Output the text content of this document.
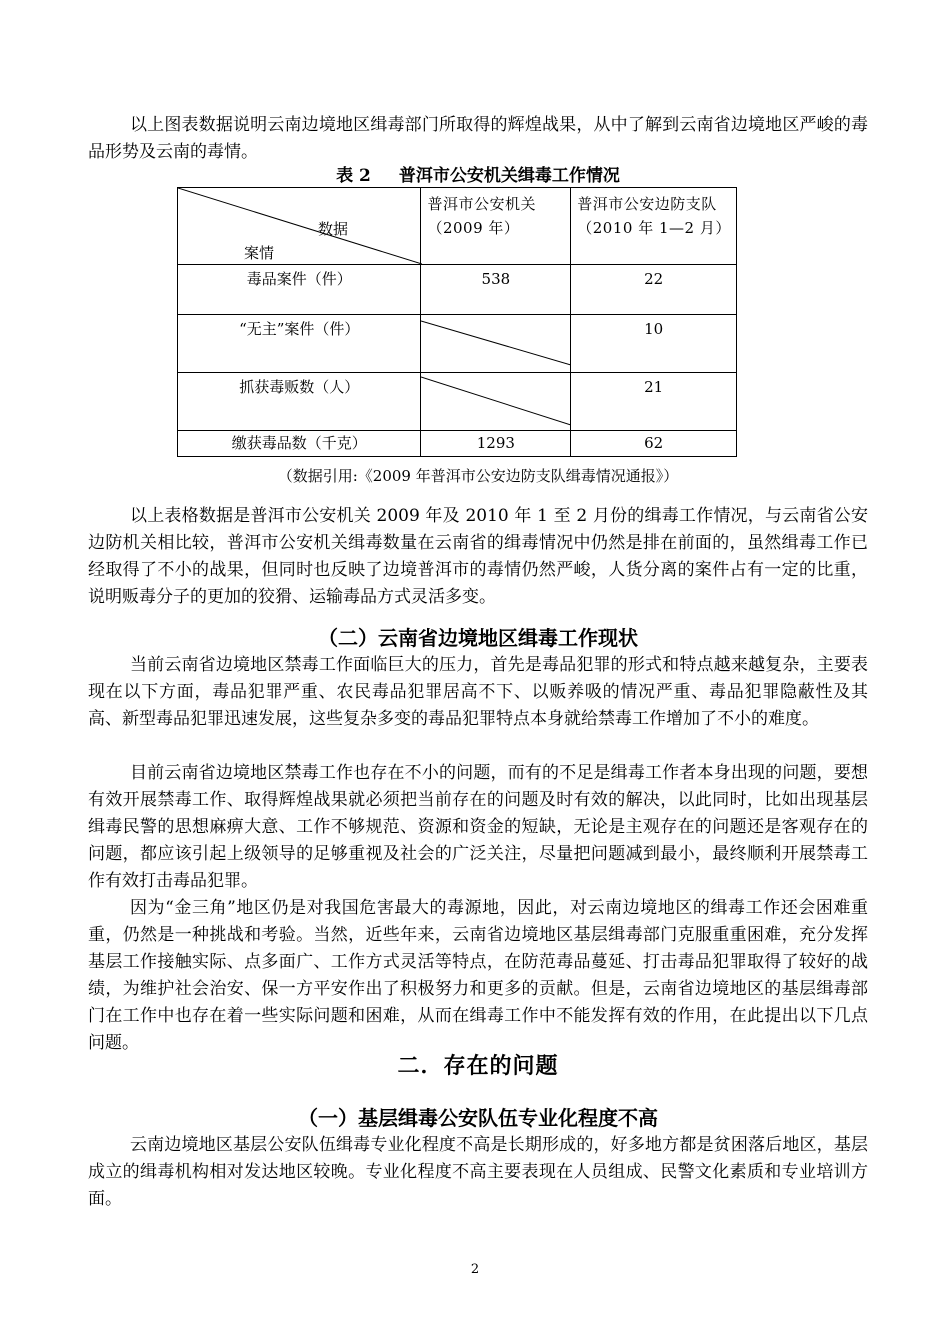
以上图表数据说明云南边境地区缉毒部门所取得的辉煌战果，从中了解到云南省边境地区严峻的毒品形势及云南的毒情。

表 2 普洱市公安机关缉毒工作情况

数据
案情	普洱市公安机关（2009 年）	普洱市公安边防支队（2010 年 1—2 月）

毒品案件（件）	538	22

“无主”案件（件）		10

抓获毒贩数（人）		21

缴获毒品数（千克）	1293	62

（数据引用:《2009 年普洱市公安边防支队缉毒情况通报》）

以上表格数据是普洱市公安机关 2009 年及 2010 年 1 至 2 月份的缉毒工作情况，与云南省公安边防机关相比较，普洱市公安机关缉毒数量在云南省的缉毒情况中仍然是排在前面的，虽然缉毒工作已经取得了不小的战果，但同时也反映了边境普洱市的毒情仍然严峻，人货分离的案件占有一定的比重，说明贩毒分子的更加的狡猾、运输毒品方式灵活多变。

（二）云南省边境地区缉毒工作现状

当前云南省边境地区禁毒工作面临巨大的压力，首先是毒品犯罪的形式和特点越来越复杂，主要表现在以下方面，毒品犯罪严重、农民毒品犯罪居高不下、以贩养吸的情况严重、毒品犯罪隐蔽性及其高、新型毒品犯罪迅速发展，这些复杂多变的毒品犯罪特点本身就给禁毒工作增加了不小的难度。

目前云南省边境地区禁毒工作也存在不小的问题，而有的不足是缉毒工作者本身出现的问题，要想有效开展禁毒工作、取得辉煌战果就必须把当前存在的问题及时有效的解决，以此同时，比如出现基层缉毒民警的思想麻痹大意、工作不够规范、资源和资金的短缺，无论是主观存在的问题还是客观存在的问题，都应该引起上级领导的足够重视及社会的广泛关注，尽量把问题减到最小，最终顺利开展禁毒工作有效打击毒品犯罪。

因为“金三角”地区仍是对我国危害最大的毒源地，因此，对云南边境地区的缉毒工作还会困难重重，仍然是一种挑战和考验。当然，近些年来，云南省边境地区基层缉毒部门克服重重困难，充分发挥基层工作接触实际、点多面广、工作方式灵活等特点，在防范毒品蔓延、打击毒品犯罪取得了较好的战绩，为维护社会治安、保一方平安作出了积极努力和更多的贡献。但是，云南省边境地区的基层缉毒部门在工作中也存在着一些实际问题和困难，从而在缉毒工作中不能发挥有效的作用，在此提出以下几点问题。

二．存在的问题
（一）基层缉毒公安队伍专业化程度不高

云南边境地区基层公安队伍缉毒专业化程度不高是长期形成的，好多地方都是贫困落后地区，基层成立的缉毒机构相对发达地区较晚。专业化程度不高主要表现在人员组成、民警文化素质和专业培训方面。

2
